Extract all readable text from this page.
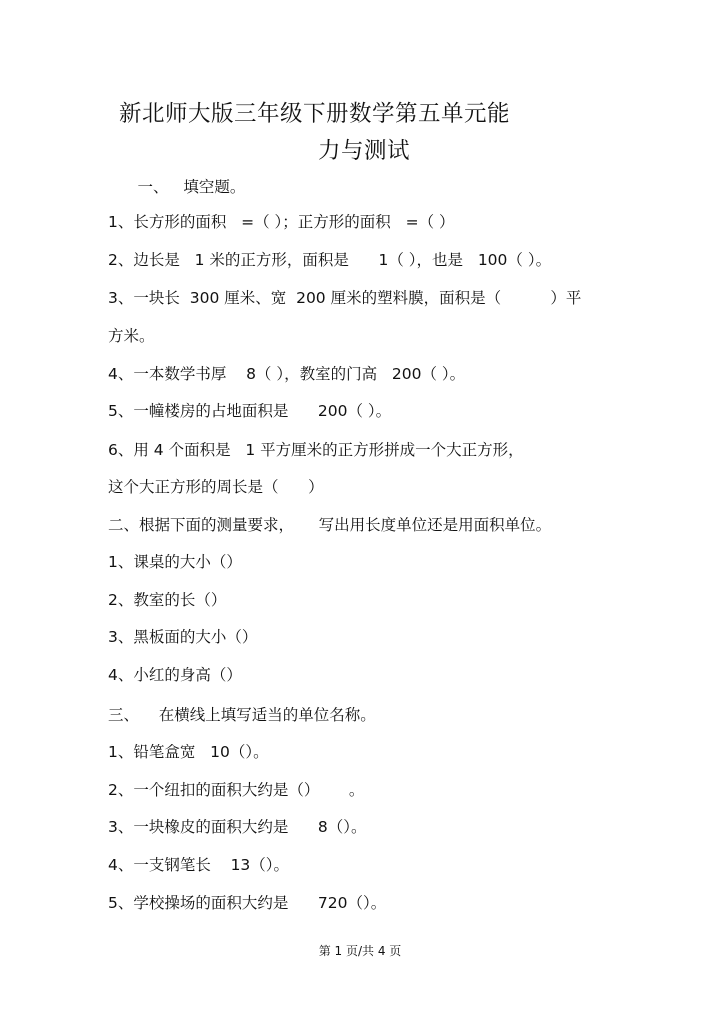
新北师大版三年级下册数学第五单元能
力与测试
一、   填空题。
1、长方形的面积   =（ ）；正方形的面积   =（ ）
2、边长是   1 米的正方形，面积是      1（ ），也是   100（ ）。
3、一块长  300 厘米、宽  200 厘米的塑料膜，面积是（          ）平
方米。
4、一本数学书厚    8（ ），教室的门高   200（ ）。
5、一幢楼房的占地面积是      200（ ）。
6、用 4 个面积是   1 平方厘米的正方形拼成一个大正方形，
这个大正方形的周长是（      ）
二、根据下面的测量要求，     写出用长度单位还是用面积单位。
1、课桌的大小（）
2、教室的长（）
3、黑板面的大小（）
4、小红的身高（）
三、    在横线上填写适当的单位名称。
1、铅笔盒宽   10（）。
2、一个纽扣的面积大约是（）      。
3、一块橡皮的面积大约是      8（）。
4、一支钢笔长    13（）。
5、学校操场的面积大约是      720（）。
第 1 页/共 4 页
